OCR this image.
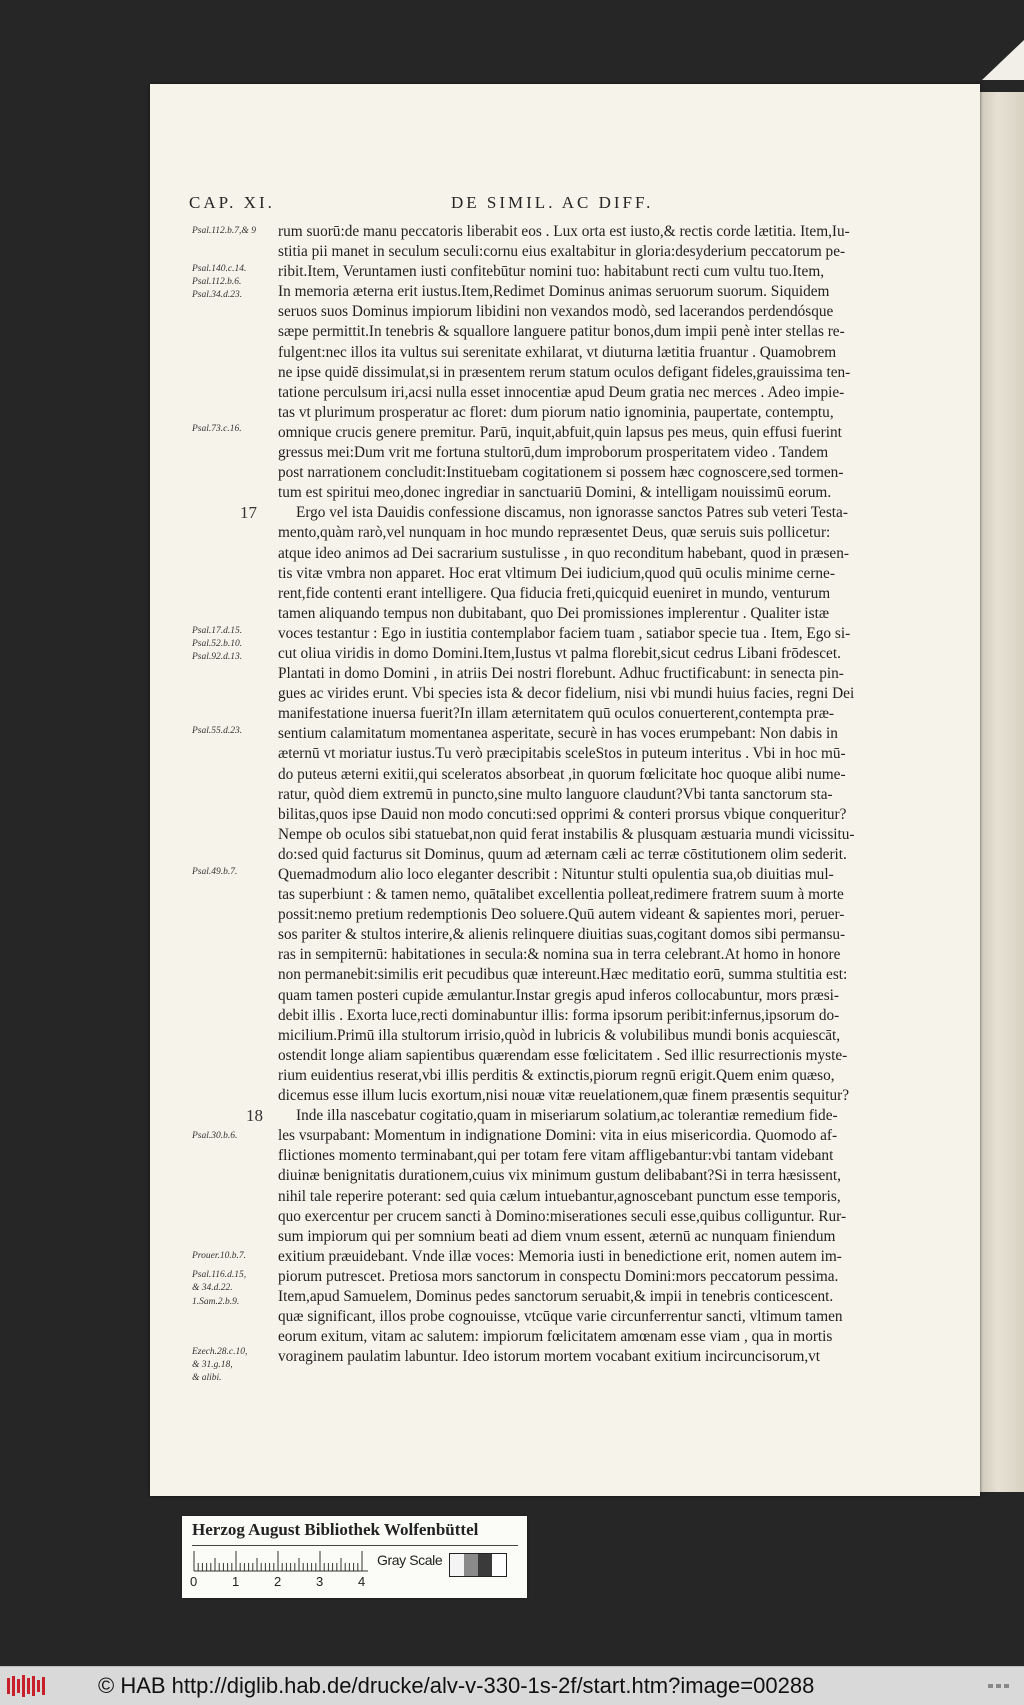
CAP. XI.	DE SIMIL. AC DIFF.
rum suorū:de manu peccatoris liberabit eos . Lux orta est iusto,& rectis corde lætitia. Item,Iu-
stitia pii manet in seculum seculi:cornu eius exaltabitur in gloria:desyderium peccatorum pe-
ribit.Item, Veruntamen iusti confitebūtur nomini tuo: habitabunt recti cum vultu tuo.Item,
In memoria æterna erit iustus.Item,Redimet Dominus animas seruorum suorum. Siquidem
seruos suos Dominus impiorum libidini non vexandos modò, sed lacerandos perdendósque
sæpe permittit.In tenebris & squallore languere patitur bonos,dum impii penè inter stellas re-
fulgent:nec illos ita vultus sui serenitate exhilarat, vt diuturna lætitia fruantur . Quamobrem
ne ipse quidē dissimulat,si in præsentem rerum statum oculos defigant fideles,grauissima ten-
tatione perculsum iri,acsi nulla esset innocentiæ apud Deum gratia nec merces . Adeo impie-
tas vt plurimum prosperatur ac floret: dum piorum natio ignominia, paupertate, contemptu,
omnique crucis genere premitur. Parū, inquit,abfuit,quin lapsus pes meus, quin effusi fuerint
gressus mei:Dum vrit me fortuna stultorū,dum improborum prosperitatem video . Tandem
post narrationem concludit:Instituebam cogitationem si possem hæc cognoscere,sed tormen-
tum est spiritui meo,donec ingrediar in sanctuariū Domini, & intelligam nouissimū eorum.
Ergo vel ista Dauidis confessione discamus, non ignorasse sanctos Patres sub veteri Testa-
mento,quàm rarò,vel nunquam in hoc mundo repræsentet Deus, quæ seruis suis pollicetur:
atque ideo animos ad Dei sacrarium sustulisse , in quo reconditum habebant, quod in præsen-
tis vitæ vmbra non apparet. Hoc erat vltimum Dei iudicium,quod quū oculis minime cerne-
rent,fide contenti erant intelligere. Qua fiducia freti,quicquid eueniret in mundo, venturum
tamen aliquando tempus non dubitabant, quo Dei promissiones implerentur . Qualiter istæ
voces testantur : Ego in iustitia contemplabor faciem tuam , satiabor specie tua . Item, Ego si-
cut oliua viridis in domo Domini.Item,Iustus vt palma florebit,sicut cedrus Libani frōdescet.
Plantati in domo Domini , in atriis Dei nostri florebunt. Adhuc fructificabunt: in senecta pin-
gues ac virides erunt. Vbi species ista & decor fidelium, nisi vbi mundi huius facies, regni Dei
manifestatione inuersa fuerit?In illam æternitatem quū oculos conuerterent,contempta præ-
sentium calamitatum momentanea asperitate, securè in has voces erumpebant: Non dabis in
æternū vt moriatur iustus.Tu verò præcipitabis sceleStos in puteum interitus . Vbi in hoc mū-
do puteus æterni exitii,qui sceleratos absorbeat ,in quorum fœlicitate hoc quoque alibi nume-
ratur, quòd diem extremū in puncto,sine multo languore claudunt?Vbi tanta sanctorum sta-
bilitas,quos ipse Dauid non modo concuti:sed opprimi & conteri prorsus vbique conqueritur?
Nempe ob oculos sibi statuebat,non quid ferat instabilis & plusquam æstuaria mundi vicissitu-
do:sed quid facturus sit Dominus, quum ad æternam cæli ac terræ cōstitutionem olim sederit.
Quemadmodum alio loco eleganter describit : Nituntur stulti opulentia sua,ob diuitias mul-
tas superbiunt : & tamen nemo, quātalibet excellentia polleat,redimere fratrem suum à morte
possit:nemo pretium redemptionis Deo soluere.Quū autem videant & sapientes mori, peruer-
sos pariter & stultos interire,& alienis relinquere diuitias suas,cogitant domos sibi permansu-
ras in sempiternū: habitationes in secula:& nomina sua in terra celebrant.At homo in honore
non permanebit:similis erit pecudibus quæ intereunt.Hæc meditatio eorū, summa stultitia est:
quam tamen posteri cupide æmulantur.Instar gregis apud inferos collocabuntur, mors præsi-
debit illis . Exorta luce,recti dominabuntur illis: forma ipsorum peribit:infernus,ipsorum do-
micilium.Primū illa stultorum irrisio,quòd in lubricis & volubilibus mundi bonis acquiescāt,
ostendit longe aliam sapientibus quærendam esse fœlicitatem . Sed illic resurrectionis myste-
rium euidentius reserat,vbi illis perditis & extinctis,piorum regnū erigit.Quem enim quæso,
dicemus esse illum lucis exortum,nisi nouæ vitæ reuelationem,quæ finem præsentis sequitur?
Inde illa nascebatur cogitatio,quam in miseriarum solatium,ac tolerantiæ remedium fide-
les vsurpabant: Momentum in indignatione Domini: vita in eius misericordia. Quomodo af-
flictiones momento terminabant,qui per totam fere vitam affligebantur:vbi tantam videbant
diuinæ benignitatis durationem,cuius vix minimum gustum delibabant?Si in terra hæsissent,
nihil tale reperire poterant: sed quia cælum intuebantur,agnoscebant punctum esse temporis,
quo exercentur per crucem sancti à Domino:miserationes seculi esse,quibus colliguntur. Rur-
sum impiorum qui per somnium beati ad diem vnum essent, æternū ac nunquam finiendum
exitium præuidebant. Vnde illæ voces: Memoria iusti in benedictione erit, nomen autem im-
piorum putrescet. Pretiosa mors sanctorum in conspectu Domini:mors peccatorum pessima.
Item,apud Samuelem, Dominus pedes sanctorum seruabit,& impii in tenebris conticescent.
quæ significant, illos probe cognouisse, vtcūque varie circunferrentur sancti, vltimum tamen
eorum exitum, vitam ac salutem: impiorum fœlicitatem amœnam esse viam , qua in mortis
voraginem paulatim labuntur. Ideo istorum mortem vocabant exitium incircuncisorum,vt
17
18
Psal.112.b.7,& 9
Psal.140.c.14.
Psal.112.b.6.
Psal.34.d.23.
Psal.73.c.16.
Psal.17.d.15.
Psal.52.b.10.
Psal.92.d.13.
Psal.55.d.23.
Psal.49.b.7.
Psal.30.b.6.
Prouer.10.b.7.
Psal.116.d.15,
& 34.d.22.
1.Sam.2.b.9.
Ezech.28.c.10,
& 31.g.18,
& alibi.
Herzog August Bibliothek Wolfenbüttel
0	1	2	3	4
Gray Scale
© HAB http://diglib.hab.de/drucke/alv-v-330-1s-2f/start.htm?image=00288
